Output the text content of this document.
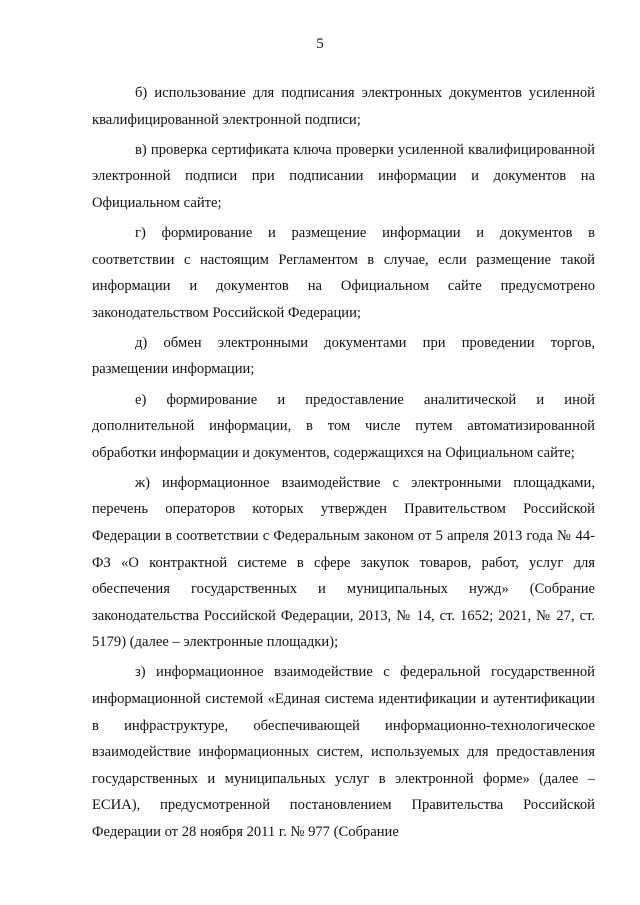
5

б) использование для подписания электронных документов усиленной квалифицированной электронной подписи;

в) проверка сертификата ключа проверки усиленной квалифицированной электронной подписи при подписании информации и документов на Официальном сайте;

г) формирование и размещение информации и документов в соответствии с настоящим Регламентом в случае, если размещение такой информации и документов на Официальном сайте предусмотрено законодательством Российской Федерации;

д) обмен электронными документами при проведении торгов, размещении информации;

е) формирование и предоставление аналитической и иной дополнительной информации, в том числе путем автоматизированной обработки информации и документов, содержащихся на Официальном сайте;

ж) информационное взаимодействие с электронными площадками, перечень операторов которых утвержден Правительством Российской Федерации в соответствии с Федеральным законом от 5 апреля 2013 года № 44-ФЗ «О контрактной системе в сфере закупок товаров, работ, услуг для обеспечения государственных и муниципальных нужд» (Собрание законодательства Российской Федерации, 2013, № 14, ст. 1652; 2021, № 27, ст. 5179) (далее – электронные площадки);

з) информационное взаимодействие с федеральной государственной информационной системой «Единая система идентификации и аутентификации в инфраструктуре, обеспечивающей информационно-технологическое взаимодействие информационных систем, используемых для предоставления государственных и муниципальных услуг в электронной форме» (далее – ЕСИА), предусмотренной постановлением Правительства Российской Федерации от 28 ноября 2011 г. № 977 (Собрание
